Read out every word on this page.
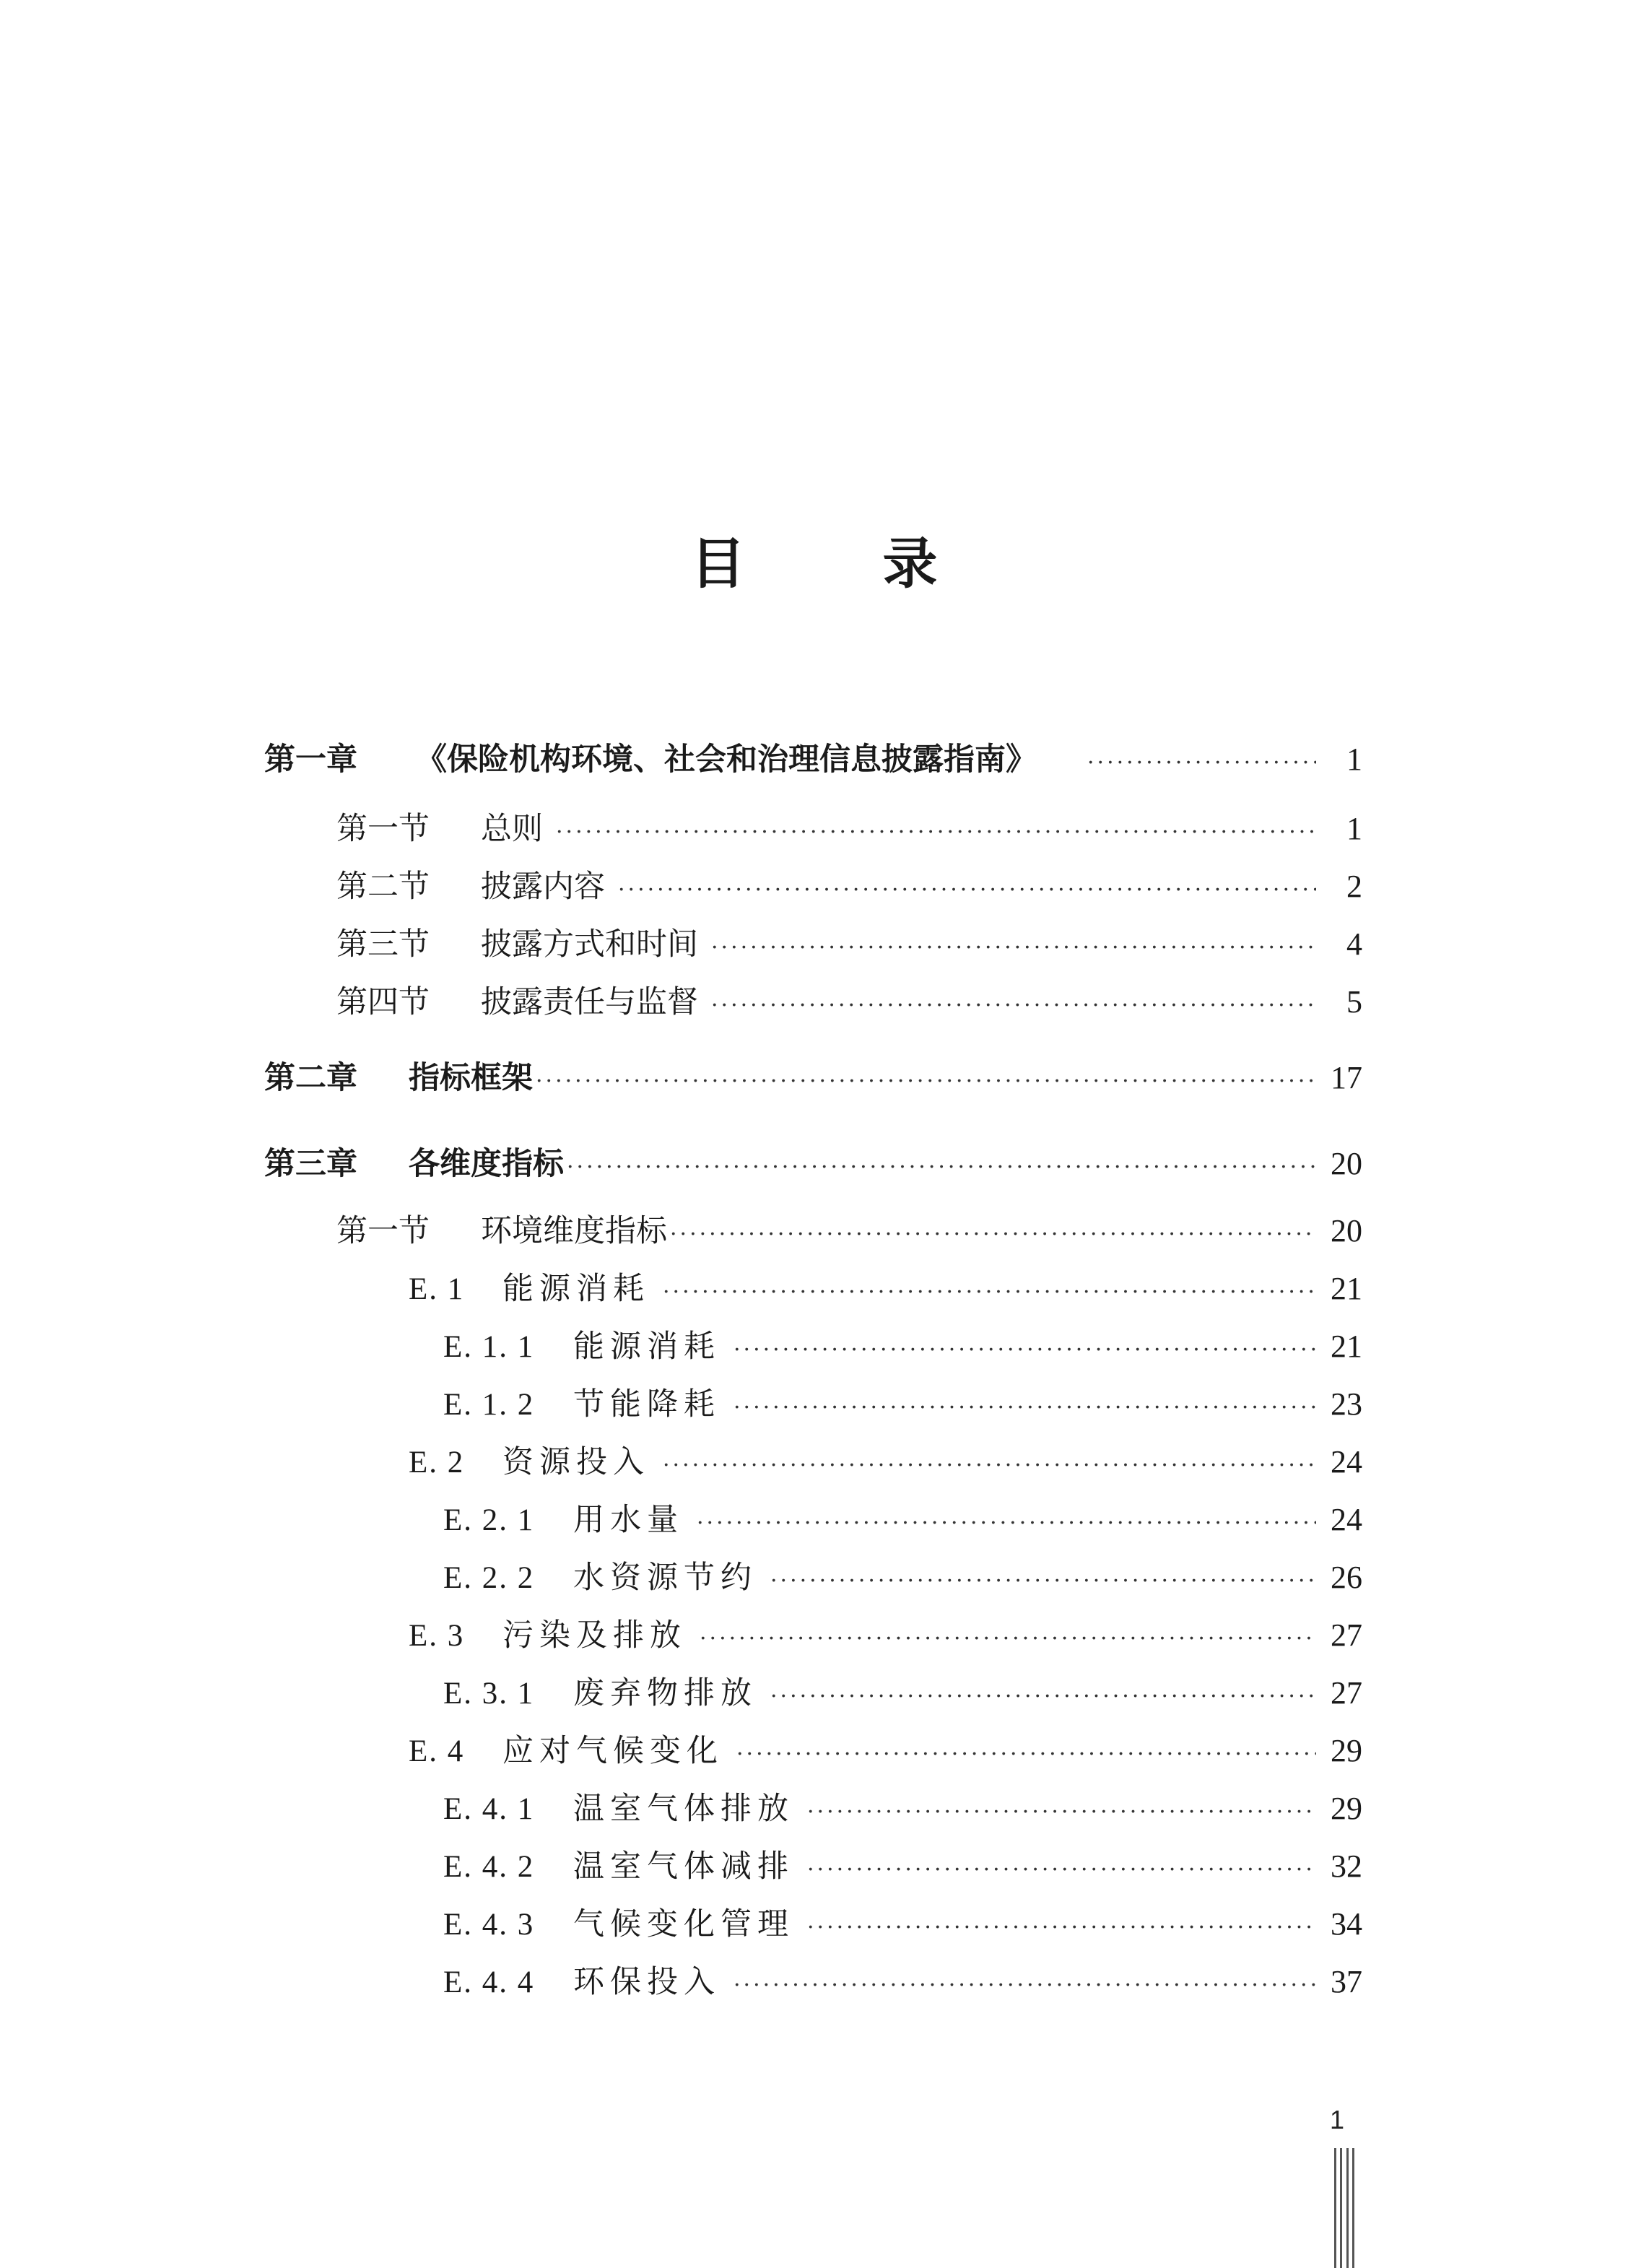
目	录
第一章	《保险机构环境、社会和治理信息披露指南》 ·····	1
第一节	总则 ·····	1
第二节	披露内容 ·····	2
第三节	披露方式和时间 ·····	4
第四节	披露责任与监督 ·····	5
第二章	指标框架 ·····	17
第三章	各维度指标 ·····	20
第一节	环境维度指标 ·····	20
E. 1	能源消耗 ·····	21
E. 1. 1	能源消耗 ·····	21
E. 1. 2	节能降耗 ·····	23
E. 2	资源投入 ·····	24
E. 2. 1	用水量 ·····	24
E. 2. 2	水资源节约 ·····	26
E. 3	污染及排放 ·····	27
E. 3. 1	废弃物排放 ·····	27
E. 4	应对气候变化 ·····	29
E. 4. 1	温室气体排放 ·····	29
E. 4. 2	温室气体减排 ·····	32
E. 4. 3	气候变化管理 ·····	34
E. 4. 4	环保投入 ·····	37
1
